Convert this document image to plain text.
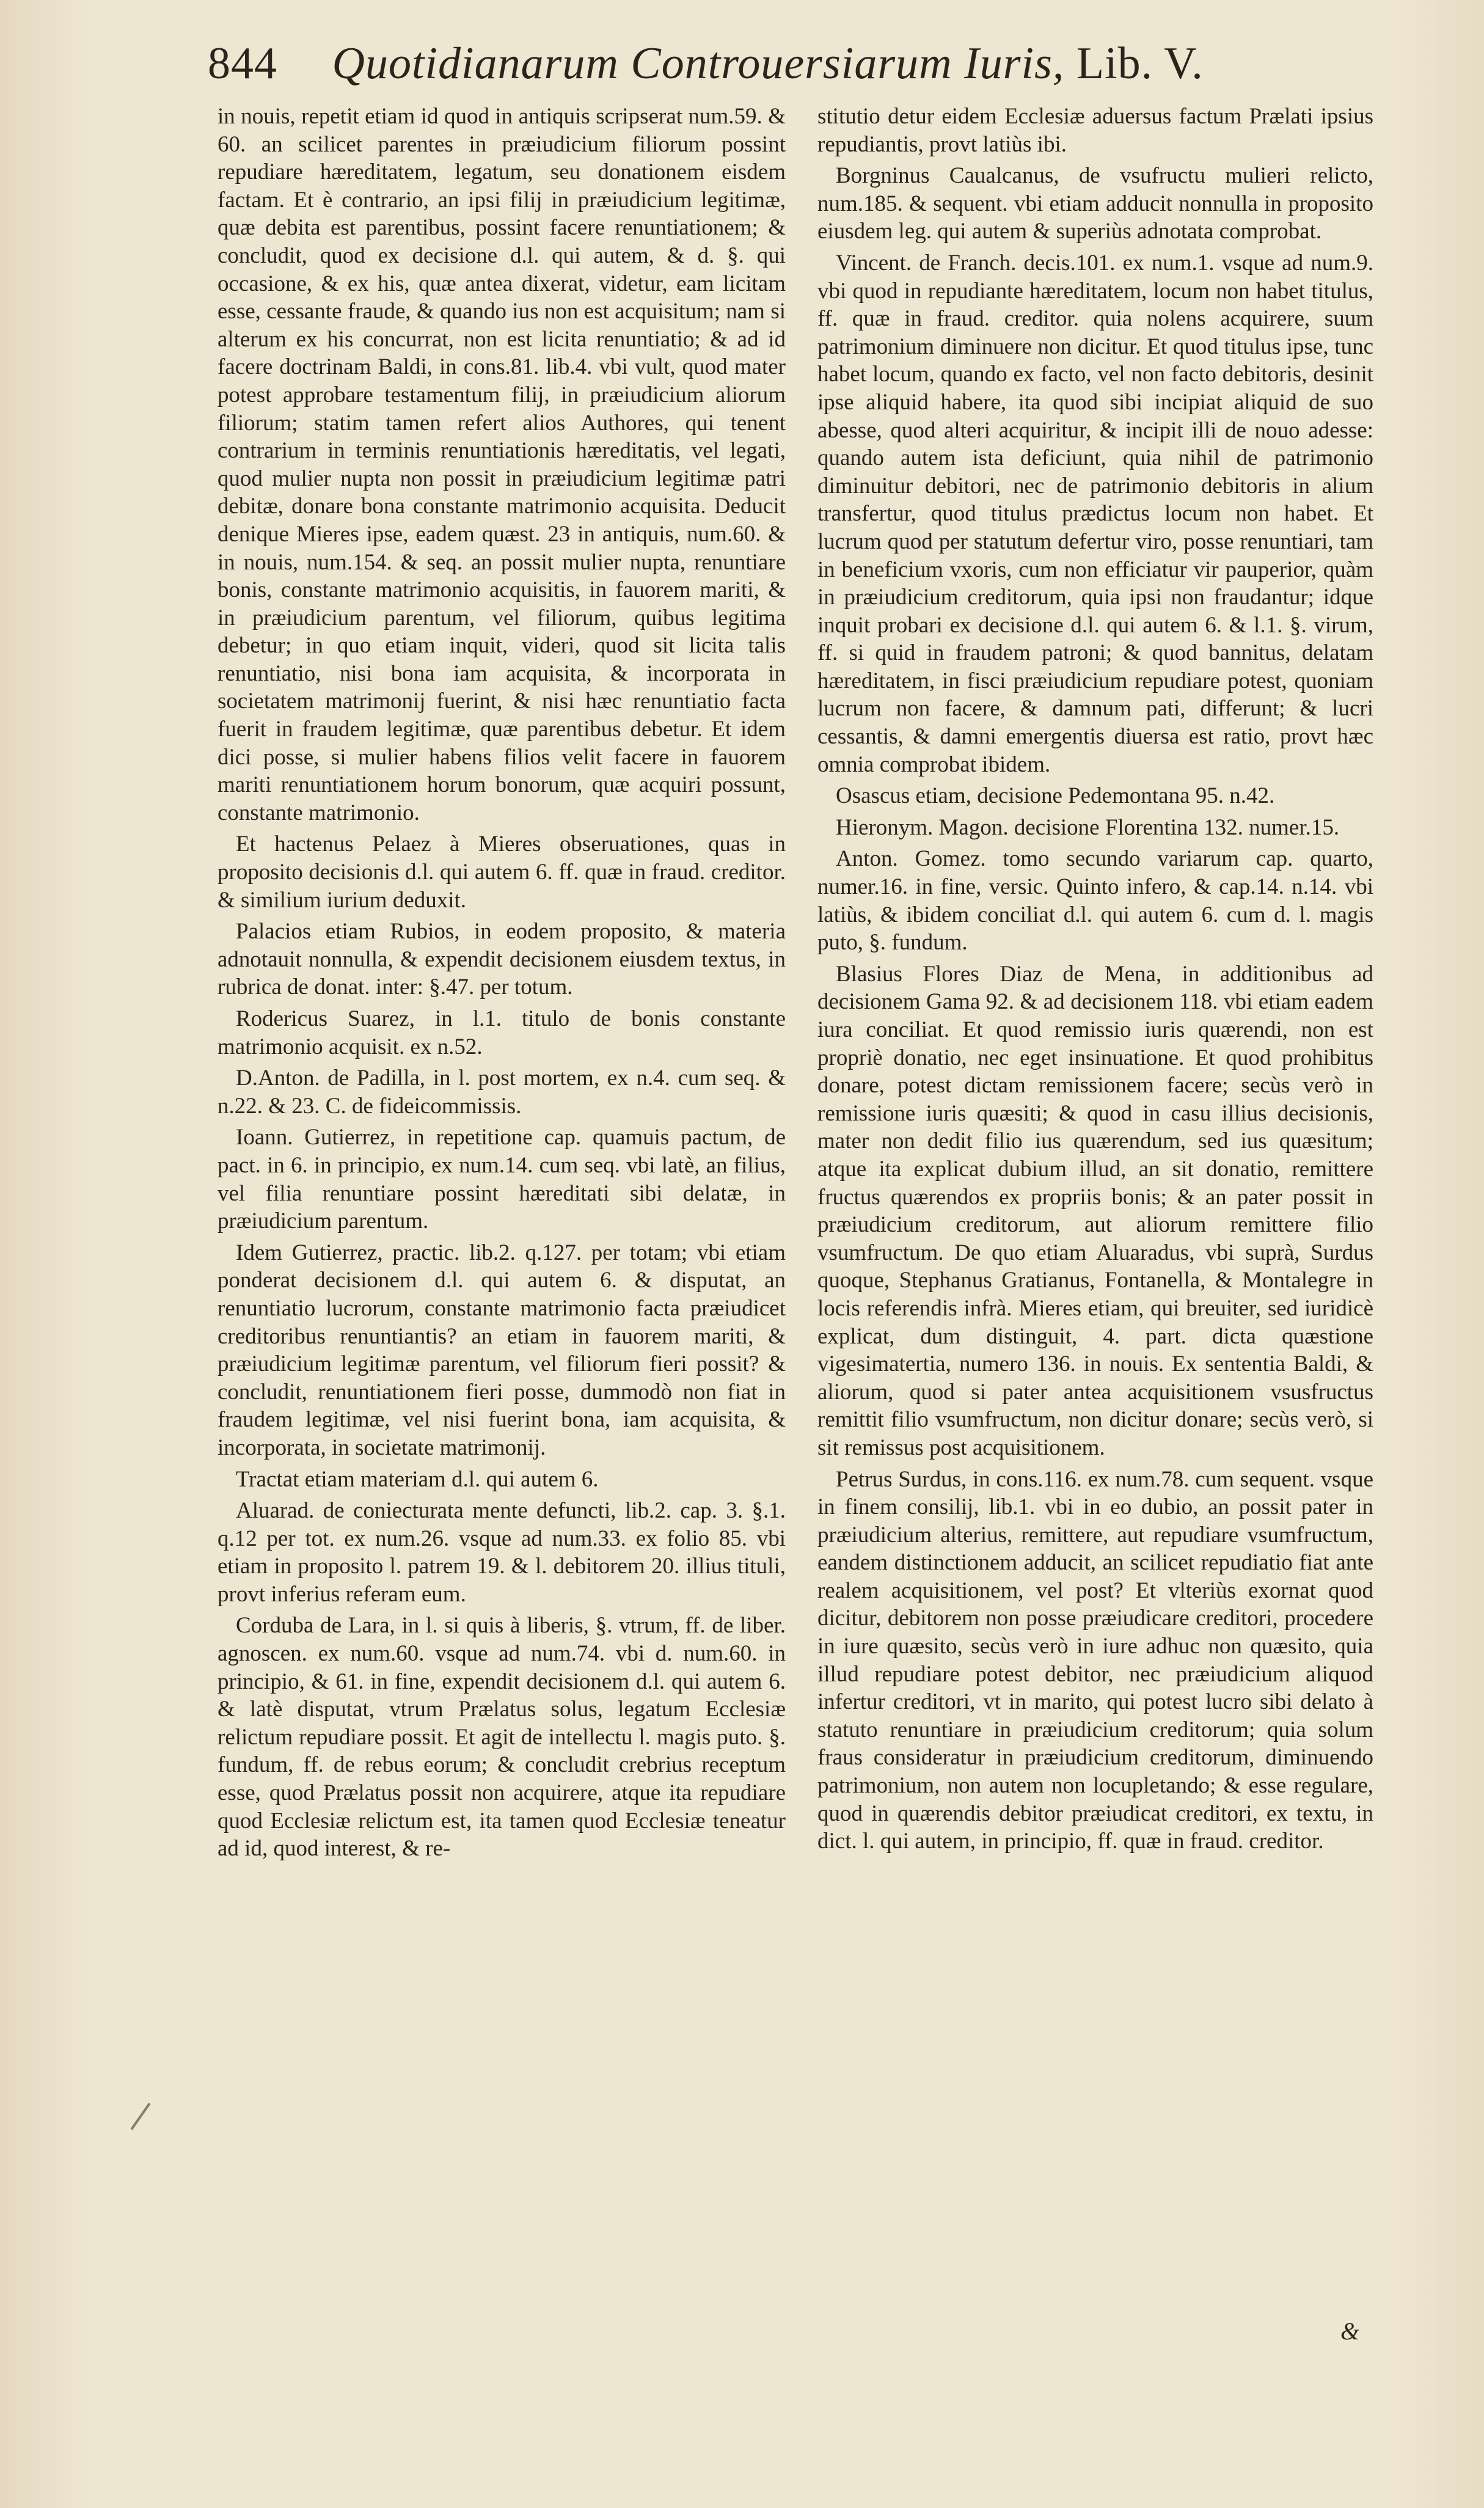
844 Quotidianarum Controuersiarum Iuris, Lib. V.

in nouis, repetit etiam id quod in antiquis scripserat num.59. & 60. an scilicet parentes in præiudicium filiorum possint repudiare hæreditatem, legatum, seu donationem eisdem factam. Et è contrario, an ipsi filij in præiudicium legitimæ, quæ debita est parentibus, possint facere renuntiationem; & concludit, quod ex decisione d.l. qui autem, & d. §. qui occasione, & ex his, quæ antea dixerat, videtur, eam licitam esse, cessante fraude, & quando ius non est acquisitum; nam si alterum ex his concurrat, non est licita renuntiatio; & ad id facere doctrinam Baldi, in cons.81. lib.4. vbi vult, quod mater potest approbare testamentum filij, in præiudicium aliorum filiorum; statim tamen refert alios Authores, qui tenent contrarium in terminis renuntiationis hæreditatis, vel legati, quod mulier nupta non possit in præiudicium legitimæ patri debitæ, donare bona constante matrimonio acquisita. Deducit denique Mieres ipse, eadem quæst. 23 in antiquis, num.60. & in nouis, num.154. & seq. an possit mulier nupta, renuntiare bonis, constante matrimonio acquisitis, in fauorem mariti, & in præiudicium parentum, vel filiorum, quibus legitima debetur; in quo etiam inquit, videri, quod sit licita talis renuntiatio, nisi bona iam acquisita, & incorporata in societatem matrimonij fuerint, & nisi hæc renuntiatio facta fuerit in fraudem legitimæ, quæ parentibus debetur. Et idem dici posse, si mulier habens filios velit facere in fauorem mariti renuntiationem horum bonorum, quæ acquiri possunt, constante matrimonio.

Et hactenus Pelaez à Mieres obseruationes, quas in proposito decisionis d.l. qui autem 6. ff. quæ in fraud. creditor. & similium iurium deduxit.

Palacios etiam Rubios, in eodem proposito, & materia adnotauit nonnulla, & expendit decisionem eiusdem textus, in rubrica de donat. inter: §.47. per totum.

Rodericus Suarez, in l.1. titulo de bonis constante matrimonio acquisit. ex n.52.

D.Anton. de Padilla, in l. post mortem, ex n.4. cum seq. & n.22. & 23. C. de fideicommissis.

Ioann. Gutierrez, in repetitione cap. quamuis pactum, de pact. in 6. in principio, ex num.14. cum seq. vbi latè, an filius, vel filia renuntiare possint hæreditati sibi delatæ, in præiudicium parentum.

Idem Gutierrez, practic. lib.2. q.127. per totam; vbi etiam ponderat decisionem d.l. qui autem 6. & disputat, an renuntiatio lucrorum, constante matrimonio facta præiudicet creditoribus renuntiantis? an etiam in fauorem mariti, & præiudicium legitimæ parentum, vel filiorum fieri possit? & concludit, renuntiationem fieri posse, dummodò non fiat in fraudem legitimæ, vel nisi fuerint bona, iam acquisita, & incorporata, in societate matrimonij.

Tractat etiam materiam d.l. qui autem 6.

Aluarad. de coniecturata mente defuncti, lib.2. cap. 3. §.1. q.12 per tot. ex num.26. vsque ad num.33. ex folio 85. vbi etiam in proposito l. patrem 19. & l. debitorem 20. illius tituli, provt inferius referam eum.

Corduba de Lara, in l. si quis à liberis, §. vtrum, ff. de liber. agnoscen. ex num.60. vsque ad num.74. vbi d. num.60. in principio, & 61. in fine, expendit decisionem d.l. qui autem 6. & latè disputat, vtrum Prælatus solus, legatum Ecclesiæ relictum repudiare possit. Et agit de intellectu l. magis puto. §. fundum, ff. de rebus eorum; & concludit crebrius receptum esse, quod Prælatus possit non acquirere, atque ita repudiare quod Ecclesiæ relictum est, ita tamen quod Ecclesiæ teneatur ad id, quod interest, & re-

stitutio detur eidem Ecclesiæ aduersus factum Prælati ipsius repudiantis, provt latiùs ibi.

Borgninus Caualcanus, de vsufructu mulieri relicto, num.185. & sequent. vbi etiam adducit nonnulla in proposito eiusdem leg. qui autem & superiùs adnotata comprobat.

Vincent. de Franch. decis.101. ex num.1. vsque ad num.9. vbi quod in repudiante hæreditatem, locum non habet titulus, ff. quæ in fraud. creditor. quia nolens acquirere, suum patrimonium diminuere non dicitur. Et quod titulus ipse, tunc habet locum, quando ex facto, vel non facto debitoris, desinit ipse aliquid habere, ita quod sibi incipiat aliquid de suo abesse, quod alteri acquiritur, & incipit illi de nouo adesse: quando autem ista deficiunt, quia nihil de patrimonio diminuitur debitori, nec de patrimonio debitoris in alium transfertur, quod titulus prædictus locum non habet. Et lucrum quod per statutum defertur viro, posse renuntiari, tam in beneficium vxoris, cum non efficiatur vir pauperior, quàm in præiudicium creditorum, quia ipsi non fraudantur; idque inquit probari ex decisione d.l. qui autem 6. & l.1. §. virum, ff. si quid in fraudem patroni; & quod bannitus, delatam hæreditatem, in fisci præiudicium repudiare potest, quoniam lucrum non facere, & damnum pati, differunt; & lucri cessantis, & damni emergentis diuersa est ratio, provt hæc omnia comprobat ibidem.

Osascus etiam, decisione Pedemontana 95. n.42.

Hieronym. Magon. decisione Florentina 132. numer.15.

Anton. Gomez. tomo secundo variarum cap. quarto, numer.16. in fine, versic. Quinto infero, & cap.14. n.14. vbi latiùs, & ibidem conciliat d.l. qui autem 6. cum d. l. magis puto, §. fundum.

Blasius Flores Diaz de Mena, in additionibus ad decisionem Gama 92. & ad decisionem 118. vbi etiam eadem iura conciliat. Et quod remissio iuris quærendi, non est propriè donatio, nec eget insinuatione. Et quod prohibitus donare, potest dictam remissionem facere; secùs verò in remissione iuris quæsiti; & quod in casu illius decisionis, mater non dedit filio ius quærendum, sed ius quæsitum; atque ita explicat dubium illud, an sit donatio, remittere fructus quærendos ex propriis bonis; & an pater possit in præiudicium creditorum, aut aliorum remittere filio vsumfructum. De quo etiam Aluaradus, vbi suprà, Surdus quoque, Stephanus Gratianus, Fontanella, & Montalegre in locis referendis infrà. Mieres etiam, qui breuiter, sed iuridicè explicat, dum distinguit, 4. part. dicta quæstione vigesimatertia, numero 136. in nouis. Ex sententia Baldi, & aliorum, quod si pater antea acquisitionem vsusfructus remittit filio vsumfructum, non dicitur donare; secùs verò, si sit remissus post acquisitionem.

Petrus Surdus, in cons.116. ex num.78. cum sequent. vsque in finem consilij, lib.1. vbi in eo dubio, an possit pater in præiudicium alterius, remittere, aut repudiare vsumfructum, eandem distinctionem adducit, an scilicet repudiatio fiat ante realem acquisitionem, vel post? Et vlteriùs exornat quod dicitur, debitorem non posse præiudicare creditori, procedere in iure quæsito, secùs verò in iure adhuc non quæsito, quia illud repudiare potest debitor, nec præiudicium aliquod infertur creditori, vt in marito, qui potest lucro sibi delato à statuto renuntiare in præiudicium creditorum; quia solum fraus consideratur in præiudicium creditorum, diminuendo patrimonium, non autem non locupletando; & esse regulare, quod in quærendis debitor præiudicat creditori, ex textu, in dict. l. qui autem, in principio, ff. quæ in fraud. creditor.

&
